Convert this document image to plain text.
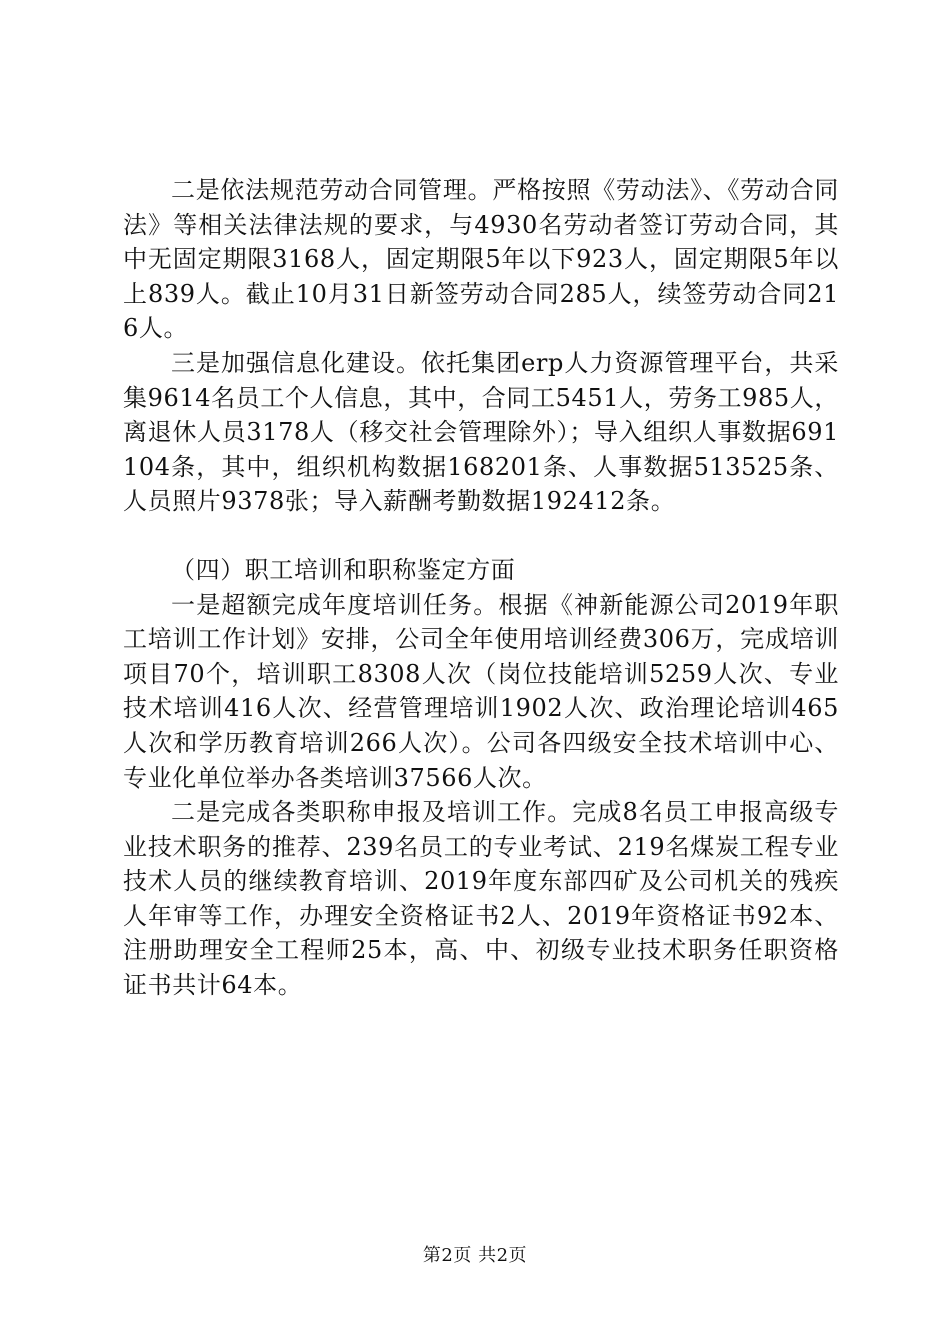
二是依法规范劳动合同管理。严格按照《劳动法》、《劳动合同法》等相关法律法规的要求，与4930名劳动者签订劳动合同，其中无固定期限3168人，固定期限5年以下923人，固定期限5年以上839人。截止10月31日新签劳动合同285人，续签劳动合同216人。

三是加强信息化建设。依托集团erp人力资源管理平台，共采集9614名员工个人信息，其中，合同工5451人，劳务工985人，离退休人员3178人（移交社会管理除外）；导入组织人事数据691104条，其中，组织机构数据168201条、人事数据513525条、人员照片9378张；导入薪酬考勤数据192412条。

（四）职工培训和职称鉴定方面

一是超额完成年度培训任务。根据《神新能源公司2019年职工培训工作计划》安排，公司全年使用培训经费306万，完成培训项目70个，培训职工8308人次（岗位技能培训5259人次、专业技术培训416人次、经营管理培训1902人次、政治理论培训465人次和学历教育培训266人次）。公司各四级安全技术培训中心、专业化单位举办各类培训37566人次。

二是完成各类职称申报及培训工作。完成8名员工申报高级专业技术职务的推荐、239名员工的专业考试、219名煤炭工程专业技术人员的继续教育培训、2019年度东部四矿及公司机关的残疾人年审等工作，办理安全资格证书2人、2019年资格证书92本、注册助理安全工程师25本，高、中、初级专业技术职务任职资格证书共计64本。

第2页 共2页
